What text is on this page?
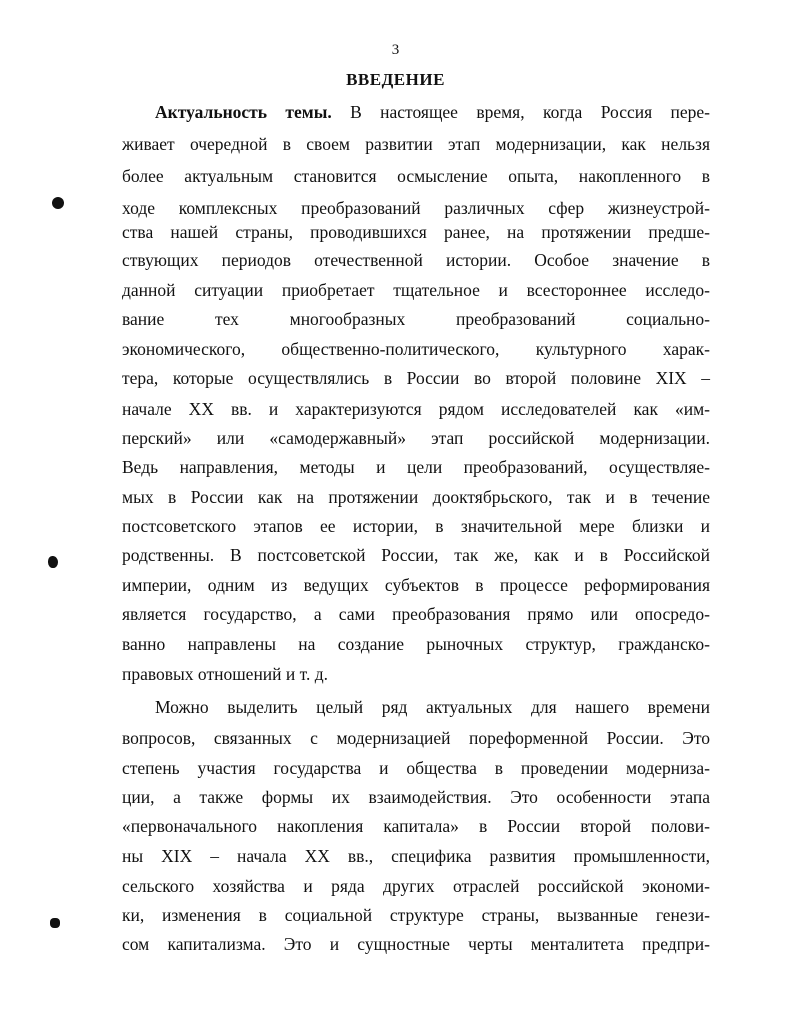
3
ВВЕДЕНИЕ
Актуальность темы. В настоящее время, когда Россия пере-
живает очередной в своем развитии этап модернизации, как нельзя
более актуальным становится осмысление опыта, накопленного в
ходе комплексных преобразований различных сфер жизнеустрой-
ства нашей страны, проводившихся ранее, на протяжении предше-
ствующих периодов отечественной истории. Особое значение в
данной ситуации приобретает тщательное и всестороннее исследо-
вание тех многообразных преобразований социально-
экономического, общественно-политического, культурного харак-
тера, которые осуществлялись в России во второй половине XIX –
начале XX вв. и характеризуются рядом исследователей как «им-
перский» или «самодержавный» этап российской модернизации.
Ведь направления, методы и цели преобразований, осуществляе-
мых в России как на протяжении дооктябрьского, так и в течение
постсоветского этапов ее истории, в значительной мере близки и
родственны. В постсоветской России, так же, как и в Российской
империи, одним из ведущих субъектов в процессе реформирования
является государство, а сами преобразования прямо или опосредо-
ванно направлены на создание рыночных структур, гражданско-
правовых отношений и т. д.
Можно выделить целый ряд актуальных для нашего времени
вопросов, связанных с модернизацией пореформенной России. Это
степень участия государства и общества в проведении модерниза-
ции, а также формы их взаимодействия. Это особенности этапа
«первоначального накопления капитала» в России второй полови-
ны XIX – начала XX вв., специфика развития промышленности,
сельского хозяйства и ряда других отраслей российской экономи-
ки, изменения в социальной структуре страны, вызванные генези-
сом капитализма. Это и сущностные черты менталитета предпри-
